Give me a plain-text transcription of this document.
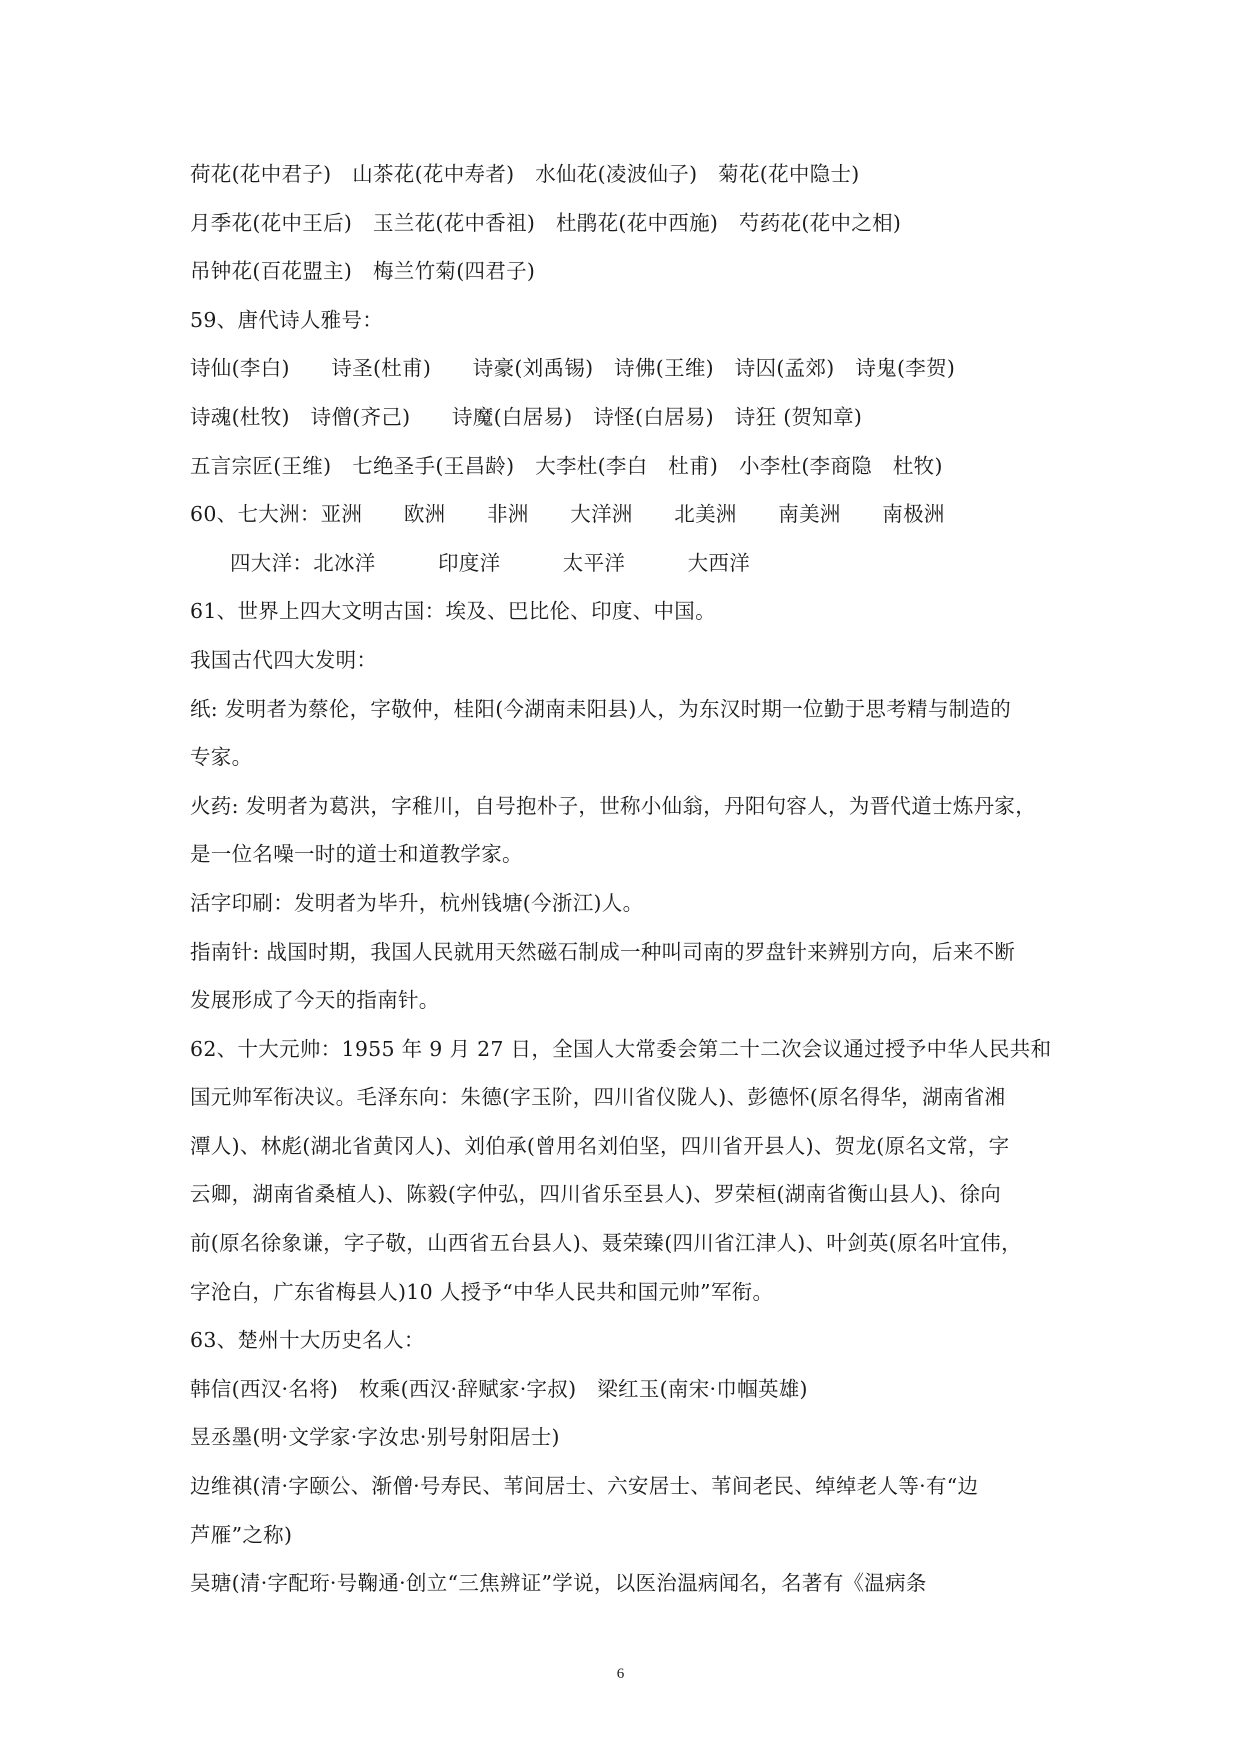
荷花(花中君子)　山茶花(花中寿者)　水仙花(凌波仙子)　菊花(花中隐士)
月季花(花中王后)　玉兰花(花中香祖)　杜鹃花(花中西施)　芍药花(花中之相)
吊钟花(百花盟主)　梅兰竹菊(四君子)
59、唐代诗人雅号：
诗仙(李白)　　诗圣(杜甫)　　诗豪(刘禹锡)　诗佛(王维)　诗囚(孟郊)　诗鬼(李贺)
诗魂(杜牧)　诗僧(齐己)　　诗魔(白居易)　诗怪(白居易)　诗狂 (贺知章)
五言宗匠(王维)　七绝圣手(王昌龄)　大李杜(李白　杜甫)　小李杜(李商隐　杜牧)
60、七大洲：亚洲　　欧洲　　非洲　　大洋洲　　北美洲　　南美洲　　南极洲
四大洋：北冰洋　　　印度洋　　　太平洋　　　大西洋
61、世界上四大文明古国：埃及、巴比伦、印度、中国。
我国古代四大发明：
纸: 发明者为蔡伦，字敬仲，桂阳(今湖南耒阳县)人，为东汉时期一位勤于思考精与制造的
专家。
火药: 发明者为葛洪，字稚川，自号抱朴子，世称小仙翁，丹阳句容人，为晋代道士炼丹家，
是一位名噪一时的道士和道教学家。
活字印刷：发明者为毕升，杭州钱塘(今浙江)人。
指南针: 战国时期，我国人民就用天然磁石制成一种叫司南的罗盘针来辨别方向，后来不断
发展形成了今天的指南针。
62、十大元帅：1955 年 9 月 27 日，全国人大常委会第二十二次会议通过授予中华人民共和
国元帅军衔决议。毛泽东向：朱德(字玉阶，四川省仪陇人)、彭德怀(原名得华，湖南省湘
潭人)、林彪(湖北省黄冈人)、刘伯承(曾用名刘伯坚，四川省开县人)、贺龙(原名文常，字
云卿，湖南省桑植人)、陈毅(字仲弘，四川省乐至县人)、罗荣桓(湖南省衡山县人)、徐向
前(原名徐象谦，字子敬，山西省五台县人)、聂荣臻(四川省江津人)、叶剑英(原名叶宜伟，
字沧白，广东省梅县人)10 人授予“中华人民共和国元帅”军衔。
63、楚州十大历史名人：
韩信(西汉·名将)　枚乘(西汉·辞赋家·字叔)　梁红玉(南宋·巾帼英雄)
昱丞墨(明·文学家·字汝忠·别号射阳居士)
边维祺(清·字颐公、渐僧·号寿民、苇间居士、六安居士、苇间老民、绰绰老人等·有“边
芦雁”之称)
吴瑭(清·字配珩·号鞠通·创立“三焦辨证”学说，以医治温病闻名，名著有《温病条
6
